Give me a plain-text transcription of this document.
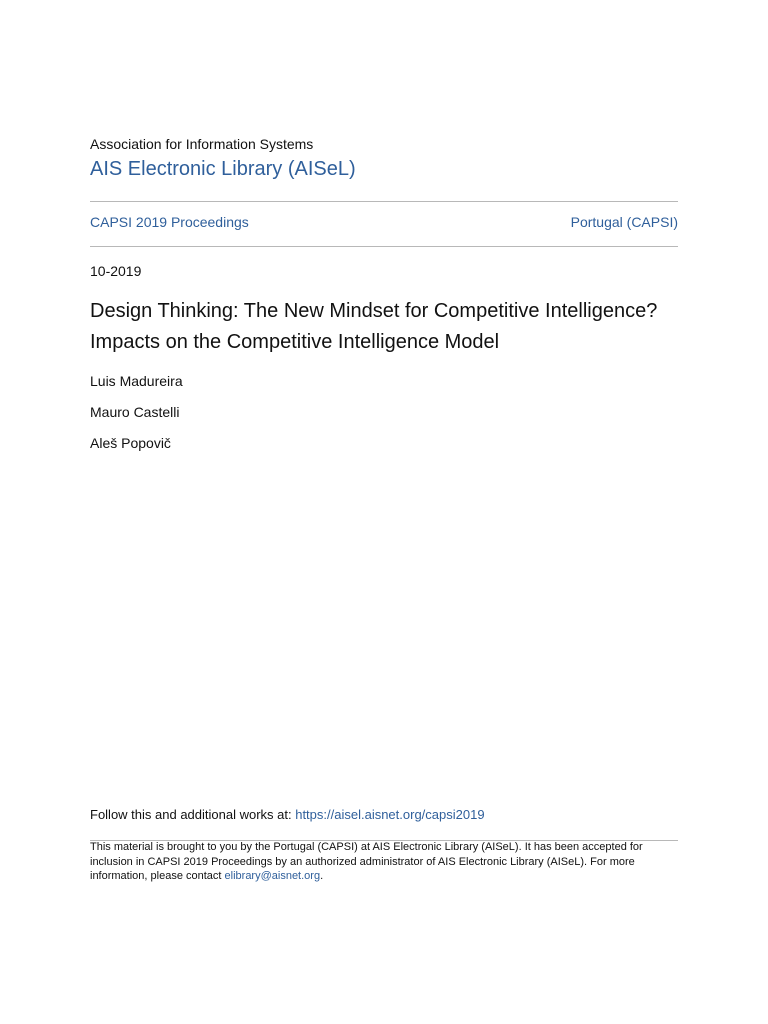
Association for Information Systems
AIS Electronic Library (AISeL)
CAPSI 2019 Proceedings	Portugal (CAPSI)
10-2019
Design Thinking: The New Mindset for Competitive Intelligence? Impacts on the Competitive Intelligence Model
Luis Madureira
Mauro Castelli
Aleš Popovič
Follow this and additional works at: https://aisel.aisnet.org/capsi2019
This material is brought to you by the Portugal (CAPSI) at AIS Electronic Library (AISeL). It has been accepted for inclusion in CAPSI 2019 Proceedings by an authorized administrator of AIS Electronic Library (AISeL). For more information, please contact elibrary@aisnet.org.
